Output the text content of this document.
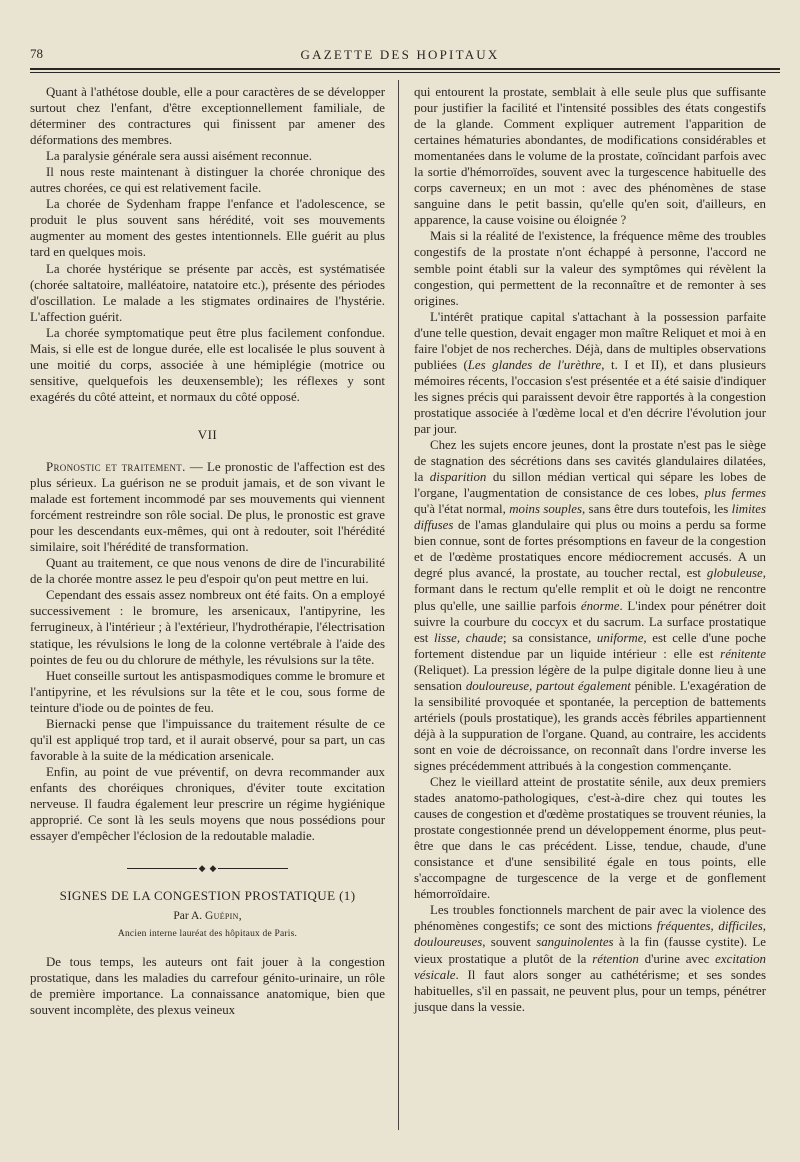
78	GAZETTE DES HOPITAUX

Quant à l'athétose double, elle a pour caractères de se développer surtout chez l'enfant, d'être exceptionnellement familiale, de déterminer des contractures qui finissent par amener des déformations des membres.

La paralysie générale sera aussi aisément reconnue.

Il nous reste maintenant à distinguer la chorée chronique des autres chorées, ce qui est relativement facile.

La chorée de Sydenham frappe l'enfance et l'adolescence, se produit le plus souvent sans hérédité, voit ses mouvements augmenter au moment des gestes intentionnels. Elle guérit au plus tard en quelques mois.

La chorée hystérique se présente par accès, est systématisée (chorée saltatoire, malléatoire, natatoire etc.), présente des périodes d'oscillation. Le malade a les stigmates ordinaires de l'hystérie. L'affection guérit.

La chorée symptomatique peut être plus facilement confondue. Mais, si elle est de longue durée, elle est localisée le plus souvent à une moitié du corps, associée à une hémiplégie (motrice ou sensitive, quelquefois les deuxensemble); les réflexes y sont exagérés du côté atteint, et normaux du côté opposé.

VII

Pronostic et traitement. — Le pronostic de l'affection est des plus sérieux. La guérison ne se produit jamais, et de son vivant le malade est fortement incommodé par ses mouvements qui viennent forcément restreindre son rôle social. De plus, le pronostic est grave pour les descendants eux-mêmes, qui ont à redouter, soit l'hérédité similaire, soit l'hérédité de transformation.

Quant au traitement, ce que nous venons de dire de l'incurabilité de la chorée montre assez le peu d'espoir qu'on peut mettre en lui.

Cependant des essais assez nombreux ont été faits. On a employé successivement : le bromure, les arsenicaux, l'antipyrine, les ferrugineux, à l'intérieur ; à l'extérieur, l'hydrothérapie, l'électrisation statique, les révulsions le long de la colonne vertébrale à l'aide des pointes de feu ou du chlorure de méthyle, les révulsions sur la tête.

Huet conseille surtout les antispasmodiques comme le bromure et l'antipyrine, et les révulsions sur la tête et le cou, sous forme de teinture d'iode ou de pointes de feu.

Biernacki pense que l'impuissance du traitement résulte de ce qu'il est appliqué trop tard, et il aurait observé, pour sa part, un cas favorable à la suite de la médication arsenicale.

Enfin, au point de vue préventif, on devra recommander aux enfants des choréiques chroniques, d'éviter toute excitation nerveuse. Il faudra également leur prescrire un régime hygiénique approprié. Ce sont là les seuls moyens que nous possédions pour essayer d'empêcher l'éclosion de la redoutable maladie.

◆ ◆
SIGNES DE LA CONGESTION PROSTATIQUE (1)
Par A. Guépin,
Ancien interne lauréat des hôpitaux de Paris.

De tous temps, les auteurs ont fait jouer à la congestion prostatique, dans les maladies du carrefour génito-urinaire, un rôle de première importance. La connaissance anatomique, bien que souvent incomplète, des plexus veineux

qui entourent la prostate, semblait à elle seule plus que suffisante pour justifier la facilité et l'intensité possibles des états congestifs de la glande. Comment expliquer autrement l'apparition de certaines hématuries abondantes, de modifications considérables et momentanées dans le volume de la prostate, coïncidant parfois avec la sortie d'hémorroïdes, souvent avec la turgescence habituelle des corps caverneux; en un mot : avec des phénomènes de stase sanguine dans le petit bassin, qu'elle qu'en soit, d'ailleurs, en apparence, la cause voisine ou éloignée ?

Mais si la réalité de l'existence, la fréquence même des troubles congestifs de la prostate n'ont échappé à personne, l'accord ne semble point établi sur la valeur des symptômes qui révèlent la congestion, qui permettent de la reconnaître et de remonter à ses origines.

L'intérêt pratique capital s'attachant à la possession parfaite d'une telle question, devait engager mon maître Reliquet et moi à en faire l'objet de nos recherches. Déjà, dans de multiples observations publiées (Les glandes de l'urèthre, t. I et II), et dans plusieurs mémoires récents, l'occasion s'est présentée et a été saisie d'indiquer les signes précis qui paraissent devoir être rapportés à la congestion prostatique associée à l'œdème local et d'en décrire l'évolution jour par jour.

Chez les sujets encore jeunes, dont la prostate n'est pas le siège de stagnation des sécrétions dans ses cavités glandulaires dilatées, la disparition du sillon médian vertical qui sépare les lobes de l'organe, l'augmentation de consistance de ces lobes, plus fermes qu'à l'état normal, moins souples, sans être durs toutefois, les limites diffuses de l'amas glandulaire qui plus ou moins a perdu sa forme bien connue, sont de fortes présomptions en faveur de la congestion et de l'œdème prostatiques encore médiocrement accusés. A un degré plus avancé, la prostate, au toucher rectal, est globuleuse, formant dans le rectum qu'elle remplit et où le doigt ne rencontre plus qu'elle, une saillie parfois énorme. L'index pour pénétrer doit suivre la courbure du coccyx et du sacrum. La surface prostatique est lisse, chaude; sa consistance, uniforme, est celle d'une poche fortement distendue par un liquide intérieur : elle est rénitente (Reliquet). La pression légère de la pulpe digitale donne lieu à une sensation douloureuse, partout également pénible. L'exagération de la sensibilité provoquée et spontanée, la perception de battements artériels (pouls prostatique), les grands accès fébriles appartiennent déjà à la suppuration de l'organe. Quand, au contraire, les accidents sont en voie de décroissance, on reconnaît dans l'ordre inverse les signes précédemment attribués à la congestion commençante.

Chez le vieillard atteint de prostatite sénile, aux deux premiers stades anatomo-pathologiques, c'est-à-dire chez qui toutes les causes de congestion et d'œdème prostatiques se trouvent réunies, la prostate congestionnée prend un développement énorme, plus peut-être que dans le cas précédent. Lisse, tendue, chaude, d'une consistance et d'une sensibilité égale en tous points, elle s'accompagne de turgescence de la verge et de gonflement hémorroïdaire.

Les troubles fonctionnels marchent de pair avec la violence des phénomènes congestifs; ce sont des mictions fréquentes, difficiles, douloureuses, souvent sanguinolentes à la fin (fausse cystite). Le vieux prostatique a plutôt de la rétention d'urine avec excitation vésicale. Il faut alors songer au cathétérisme; et ses sondes habituelles, s'il en passait, ne peuvent plus, pour un temps, pénétrer jusque dans la vessie.
